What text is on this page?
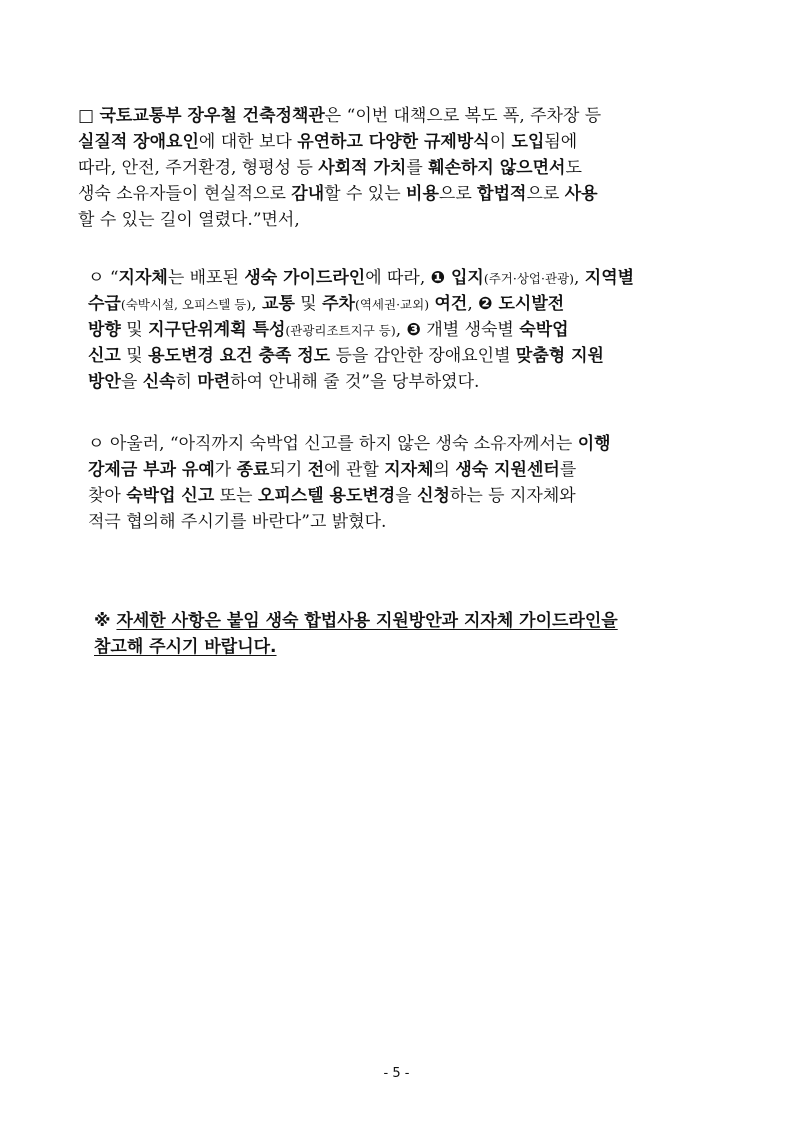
□ 국토교통부 장우철 건축정책관은 “이번 대책으로 복도 폭, 주차장 등
실질적 장애요인에 대한 보다 유연하고 다양한 규제방식이 도입됨에
따라, 안전, 주거환경, 형평성 등 사회적 가치를 훼손하지 않으면서도
생숙 소유자들이 현실적으로 감내할 수 있는 비용으로 합법적으로 사용
할 수 있는 길이 열렸다.”면서,
ㅇ “지자체는 배포된 생숙 가이드라인에 따라, ❶ 입지(주거·상업·관광), 지역별
수급(숙박시설, 오피스텔 등), 교통 및 주차(역세권·교외) 여건, ❷ 도시발전
방향 및 지구단위계획 특성(관광리조트지구 등), ❸ 개별 생숙별 숙박업
신고 및 용도변경 요건 충족 정도 등을 감안한 장애요인별 맞춤형 지원
방안을 신속히 마련하여 안내해 줄 것”을 당부하였다.
ㅇ 아울러, “아직까지 숙박업 신고를 하지 않은 생숙 소유자께서는 이행
강제금 부과 유예가 종료되기 전에 관할 지자체의 생숙 지원센터를
찾아 숙박업 신고 또는 오피스텔 용도변경을 신청하는 등 지자체와
적극 협의해 주시기를 바란다”고 밝혔다.
※ 자세한 사항은 붙임 생숙 합법사용 지원방안과 지자체 가이드라인을
참고해 주시기 바랍니다.
- 5 -
